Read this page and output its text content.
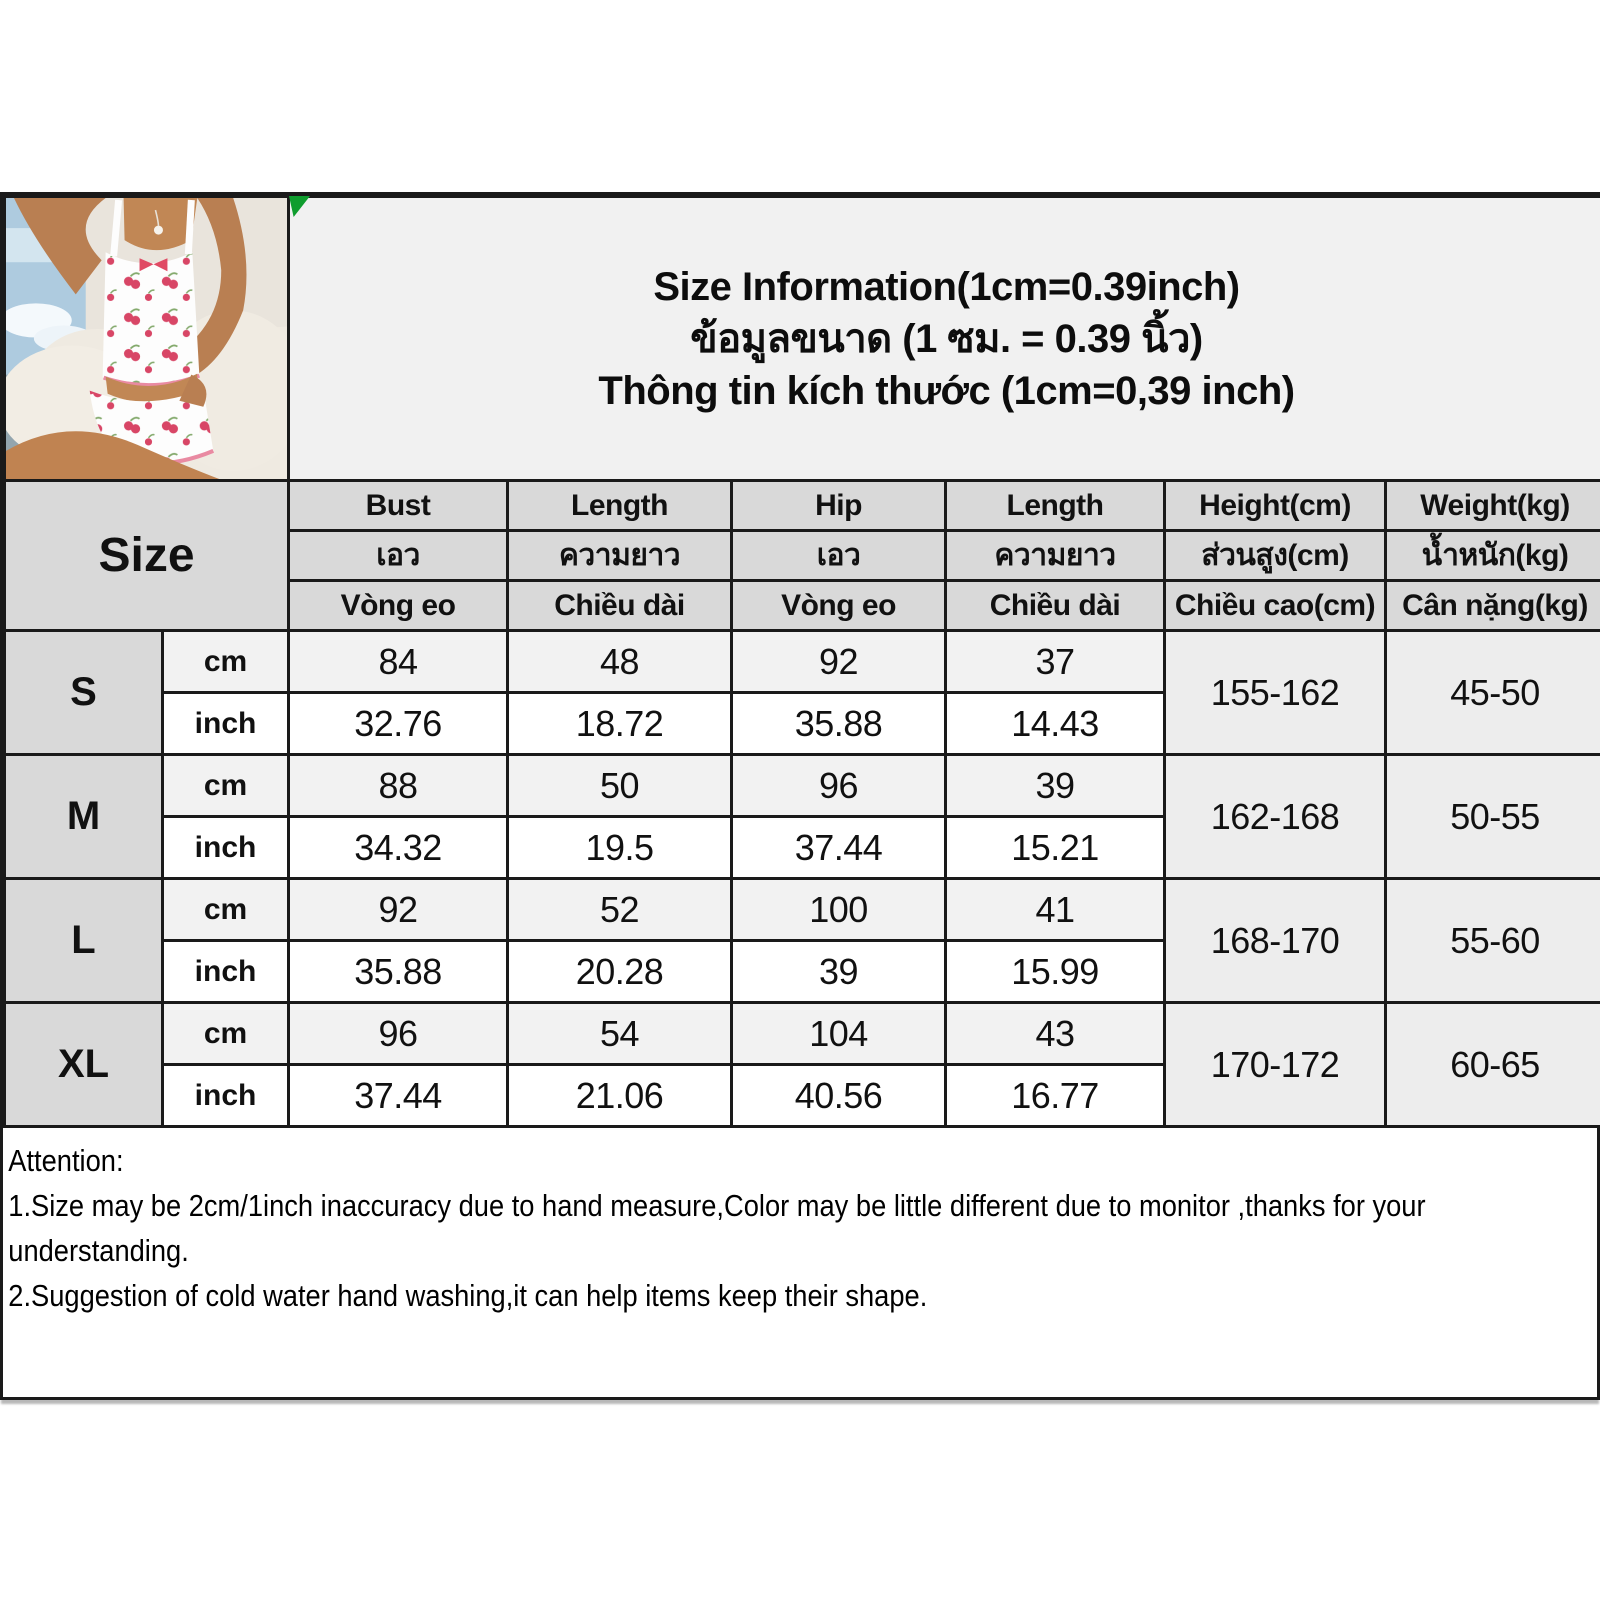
Size Information(1cm=0.39inch)
ข้อมูลขนาด (1 ซม. = 0.39 นิ้ว)
Thông tin kích thước (1cm=0,39 inch)					

Size		Bust	Length	Hip	Length	Height(cm)	Weight(kg)
		เอว	ความยาว	เอว	ความยาว	ส่วนสูง(cm)	น้ำหนัก(kg)
		Vòng eo	Chiều dài	Vòng eo	Chiều dài	Chiều cao(cm)	Cân nặng(kg)
S	cm	84	48	92	37	155-162	45-50
	inch	32.76	18.72	35.88	14.43		
M	cm	88	50	96	39	162-168	50-55
	inch	34.32	19.5	37.44	15.21		
L	cm	92	52	100	41	168-170	55-60
	inch	35.88	20.28	39	15.99		
XL	cm	96	54	104	43	170-172	60-65
	inch	37.44	21.06	40.56	16.77		
Attention:
1.Size may be 2cm/1inch inaccuracy due to hand measure,Color may be little different due to monitor ,thanks for your understanding.
2.Suggestion of cold water hand washing,it can help items keep their shape.
